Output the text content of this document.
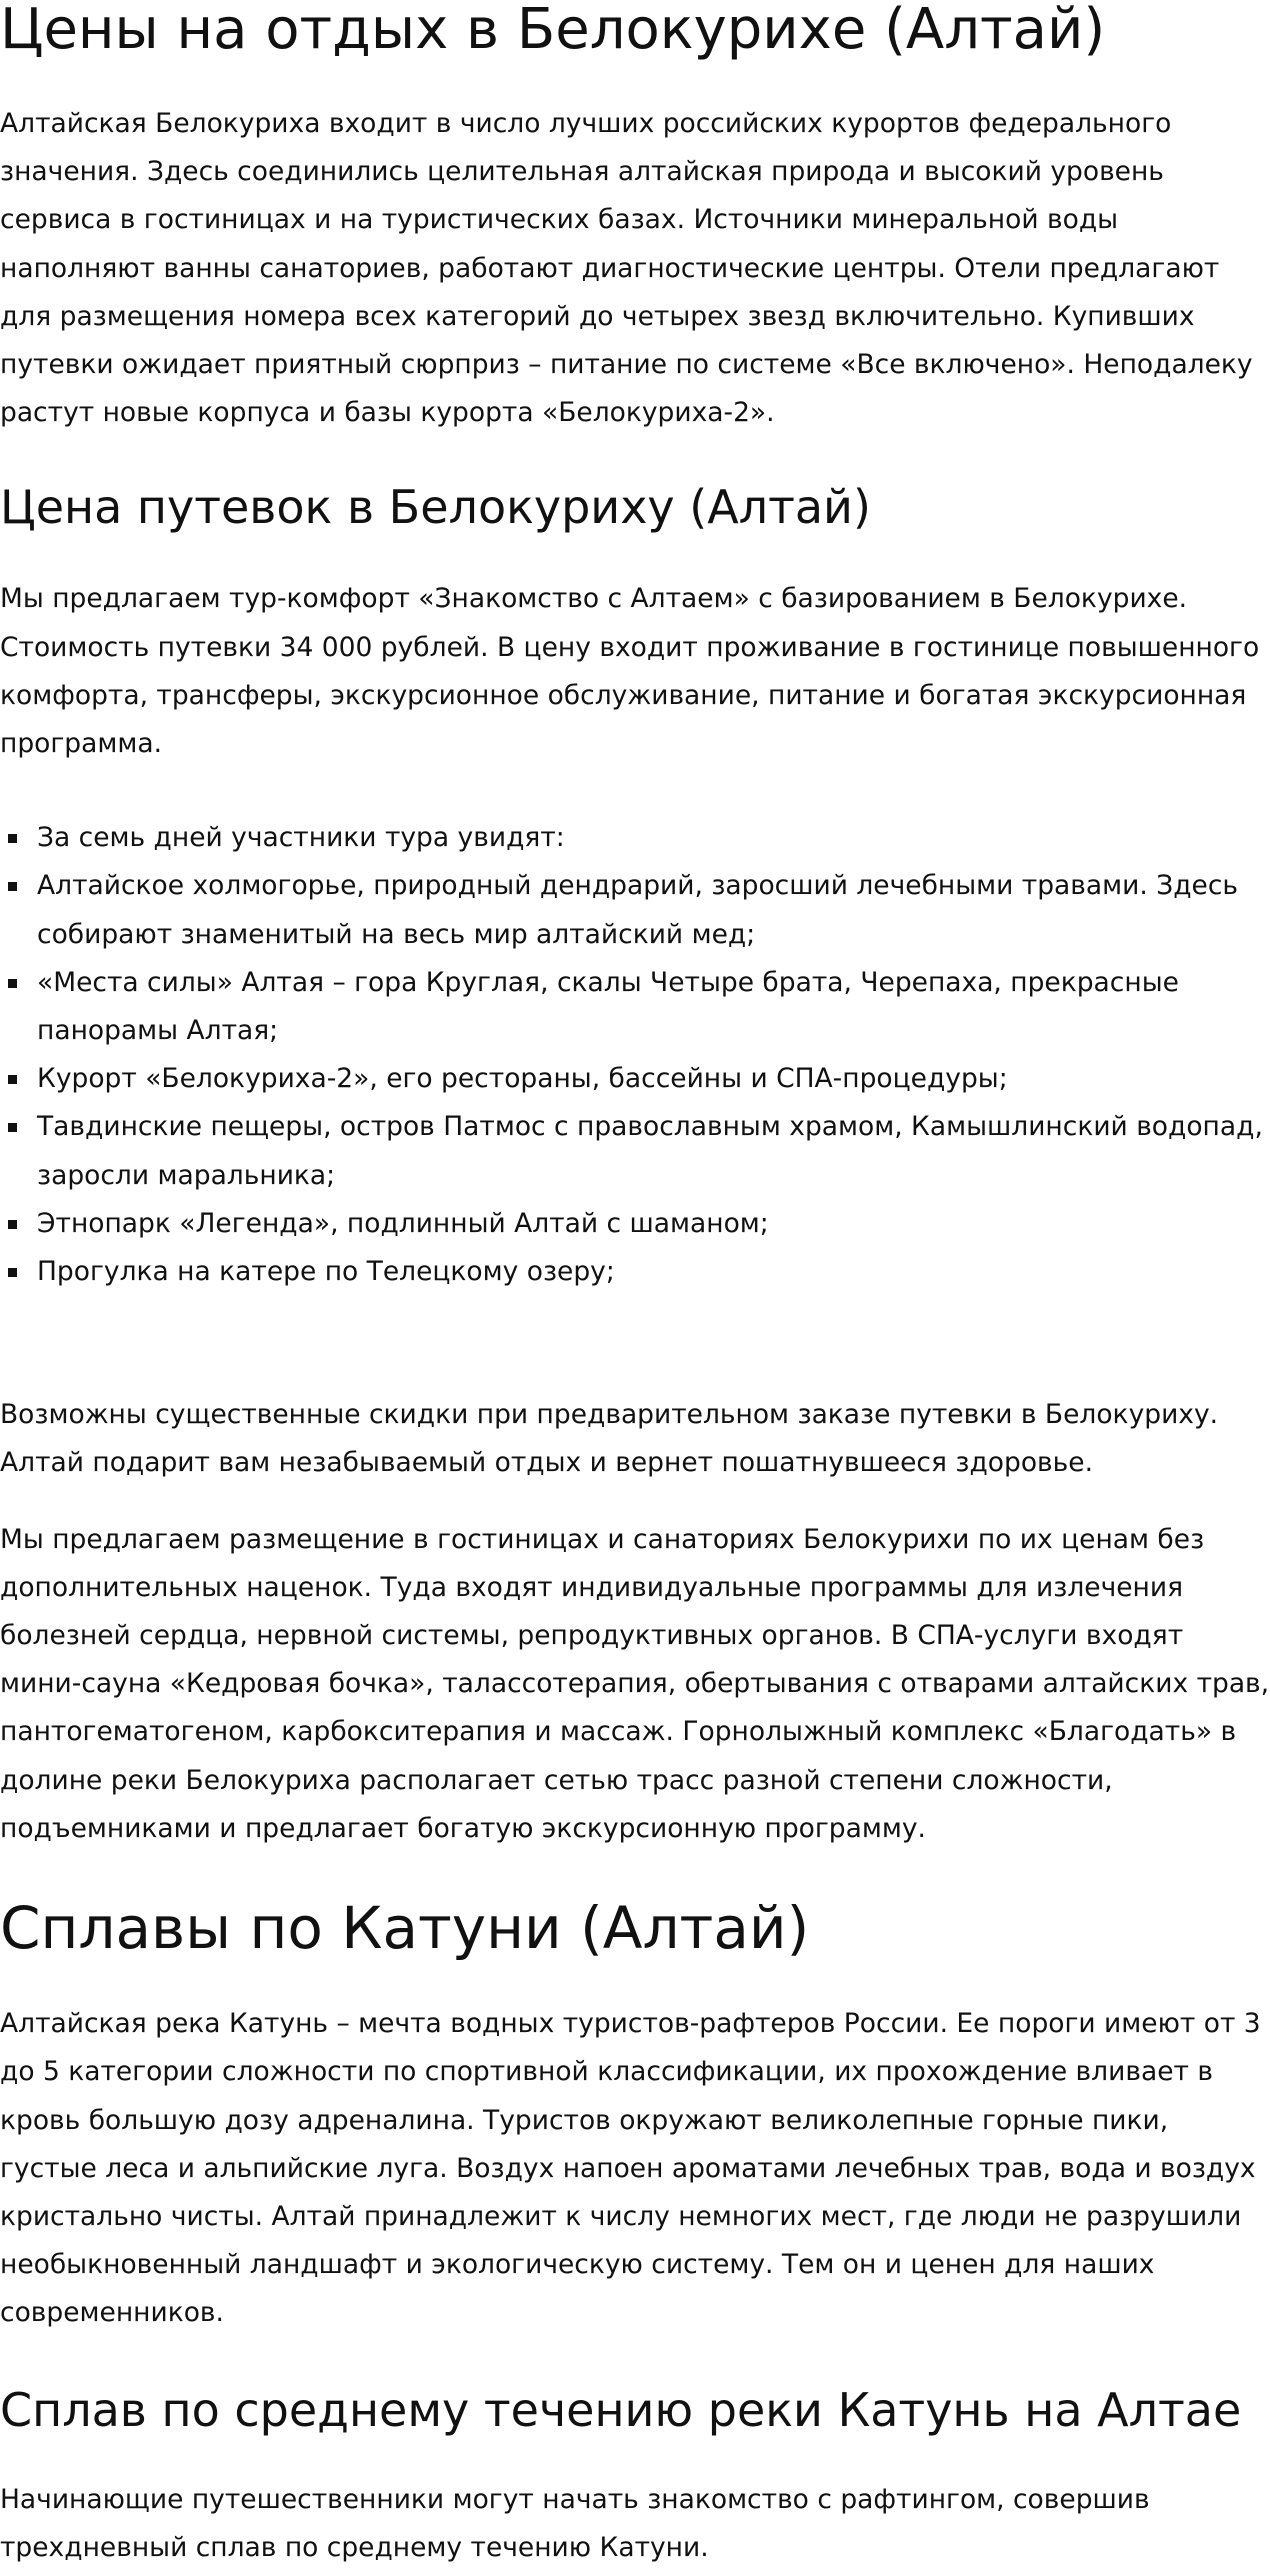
Цены на отдых в Белокурихе (Алтай)

Алтайская Белокуриха входит в число лучших российских курортов федерального значения. Здесь соединились целительная алтайская природа и высокий уровень сервиса в гостиницах и на туристических базах. Источники минеральной воды наполняют ванны санаториев, работают диагностические центры. Отели предлагают для размещения номера всех категорий до четырех звезд включительно. Купивших путевки ожидает приятный сюрприз – питание по системе «Все включено». Неподалеку растут новые корпуса и базы курорта «Белокуриха-2».

Цена путевок в Белокуриху (Алтай)

Мы предлагаем тур-комфорт «Знакомство с Алтаем» с базированием в Белокурихе. Стоимость путевки 34 000 рублей. В цену входит проживание в гостинице повышенного комфорта, трансферы, экскурсионное обслуживание, питание и богатая экскурсионная программа.

За семь дней участники тура увидят:
Алтайское холмогорье, природный дендрарий, заросший лечебными травами. Здесь собирают знаменитый на весь мир алтайский мед;
«Места силы» Алтая – гора Круглая, скалы Четыре брата, Черепаха, прекрасные панорамы Алтая;
Курорт «Белокуриха-2», его рестораны, бассейны и СПА-процедуры;
Тавдинские пещеры, остров Патмос с православным храмом, Камышлинский водопад, заросли маральника;
Этнопарк «Легенда», подлинный Алтай с шаманом;
Прогулка на катере по Телецкому озеру;

Возможны существенные скидки при предварительном заказе путевки в Белокуриху. Алтай подарит вам незабываемый отдых и вернет пошатнувшееся здоровье.

Мы предлагаем размещение в гостиницах и санаториях Белокурихи по их ценам без дополнительных наценок. Туда входят индивидуальные программы для излечения болезней сердца, нервной системы, репродуктивных органов. В СПА-услуги входят мини-сауна «Кедровая бочка», талассотерапия, обертывания с отварами алтайских трав, пантогематогеном, карбокситерапия и массаж. Горнолыжный комплекс «Благодать» в долине реки Белокуриха располагает сетью трасс разной степени сложности, подъемниками и предлагает богатую экскурсионную программу.

Сплавы по Катуни (Алтай)

Алтайская река Катунь – мечта водных туристов-рафтеров России. Ее пороги имеют от 3 до 5 категории сложности по спортивной классификации, их прохождение вливает в кровь большую дозу адреналина. Туристов окружают великолепные горные пики, густые леса и альпийские луга. Воздух напоен ароматами лечебных трав, вода и воздух кристально чисты. Алтай принадлежит к числу немногих мест, где люди не разрушили необыкновенный ландшафт и экологическую систему. Тем он и ценен для наших современников.

Сплав по среднему течению реки Катунь на Алтае

Начинающие путешественники могут начать знакомство с рафтингом, совершив трехдневный сплав по среднему течению Катуни.
